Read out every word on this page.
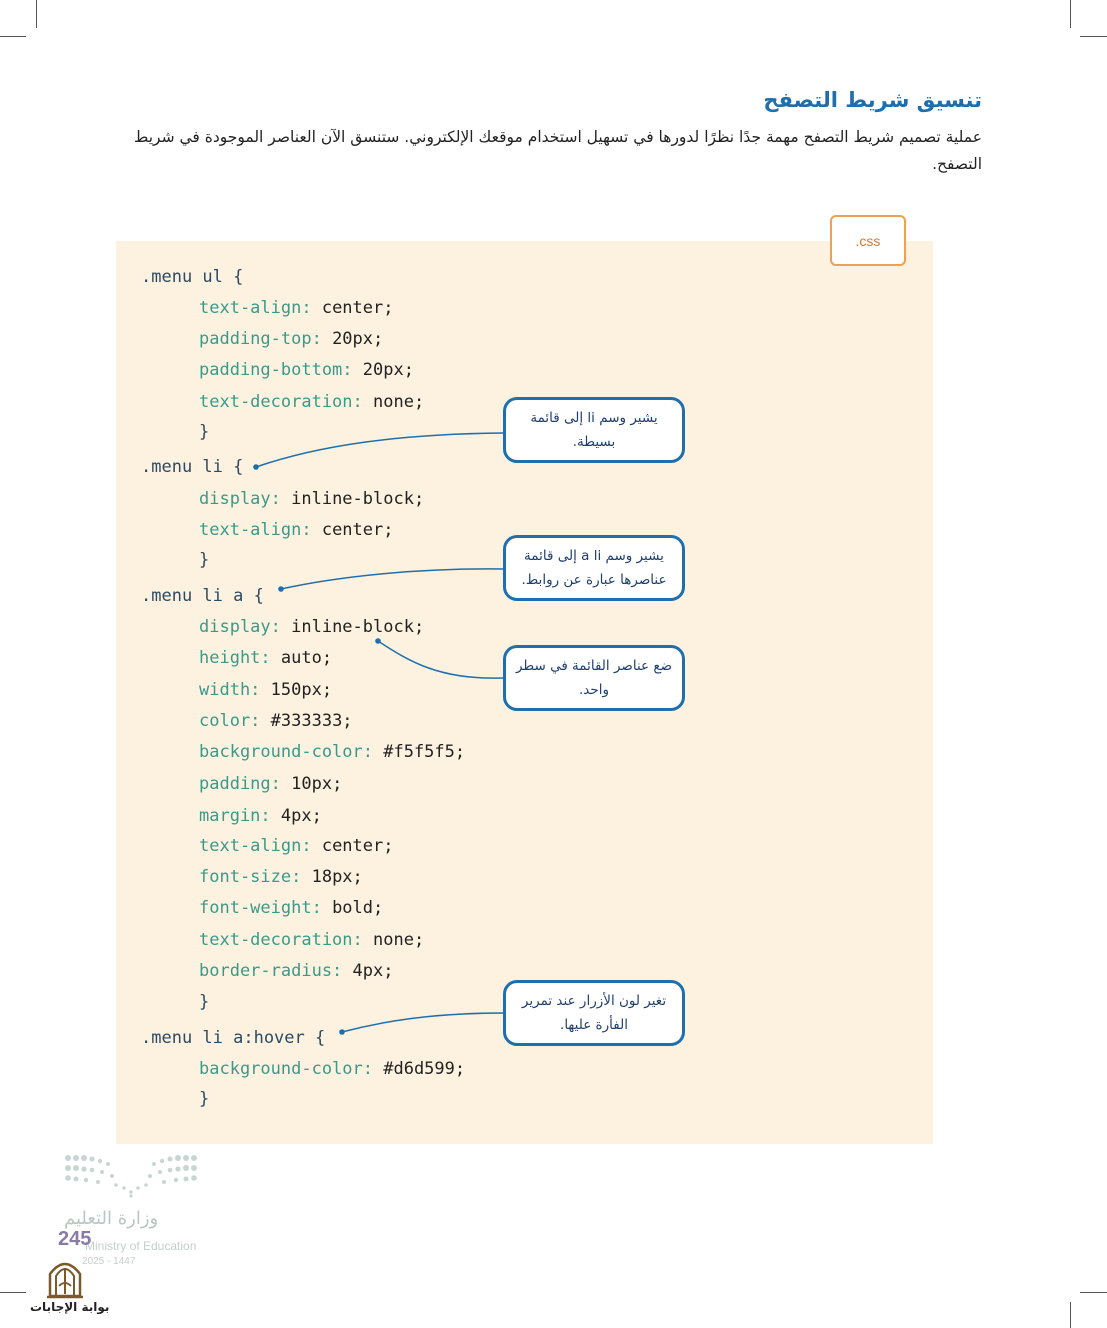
تنسيق شريط التصفح
عملية تصميم شريط التصفح مهمة جدًا نظرًا لدورها في تسهيل استخدام موقعك الإلكتروني. ستنسق الآن العناصر الموجودة في شريط التصفح.
.css
.menu ul {
text-align: center;
padding-top: 20px;
padding-bottom: 20px;
text-decoration: none;
}
.menu li {
display: inline-block;
text-align: center;
}
.menu li a {
display: inline-block;
height: auto;
width: 150px;
color: #333333;
background-color: #f5f5f5;
padding: 10px;
margin: 4px;
text-align: center;
font-size: 18px;
font-weight: bold;
text-decoration: none;
border-radius: 4px;
}
.menu li a:hover {
background-color: #d6d599;
}
يشير وسم li إلى قائمة بسيطة.
يشير وسم a li إلى قائمة عناصرها عبارة عن روابط.
ضع عناصر القائمة في سطر واحد.
تغير لون الأزرار عند تمرير الفأرة عليها.
وزارة التعليم
Ministry of Education
2025 - 1447
245
بوابة الإجابات
